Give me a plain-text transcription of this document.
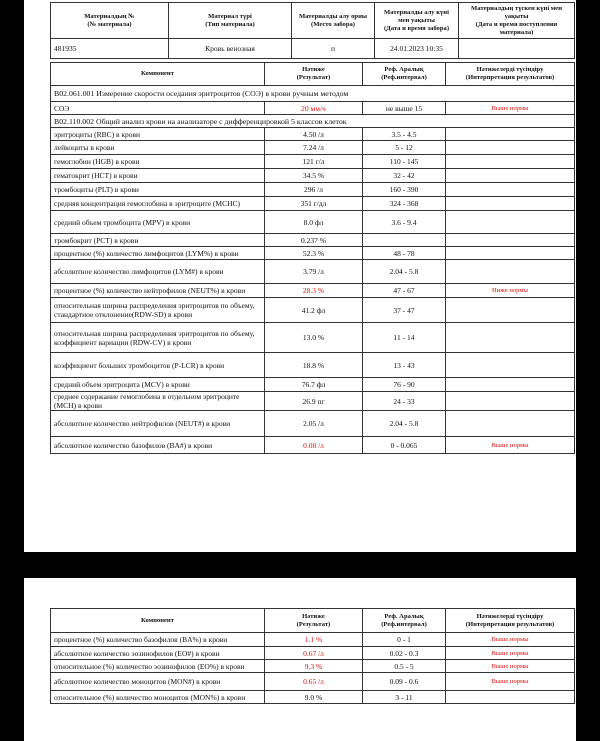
Материалдың №
(№ материала)	Материал түрі
(Тип материала)	Материалды алу орны
(Место забора)	Материалды алу күні мен уақыты
(Дата и время забора)	Материалдың түскен күні мен уақыты
(Дата и время поступления материала)
481935	Кровь венозная	п	24.01.2023 10:35	
Компонент	Нәтиже
(Результат)	Реф. Аралық
(Реф.интервал)	Нәтижелерді түсіндіру
(Интерпретация результатов)
B02.061.001 Измерение скорости оседания эритроцитов (СОЭ) в крови ручным методом			
СОЭ	20 мм/ч	не выше 15	Выше нормы
B02.110.002 Общий анализ крови на анализаторе с дифференцировкой 5 классов клеток			
эритроциты (RBC) в крови	4.50 /л	3.5 - 4.5	
лейкоциты в крови	7.24 /л	5 - 12	
гемоглобин (HGB) в крови	121 г/л	110 - 145	
гематокрит (HCT) в крови	34.5 %	32 - 42	
тромбоциты (PLT) в крови	296 /л	160 - 390	
средняя концентрация гемоглобина в эритроците (MCHC)	351 г/дл	324 - 368	
средний объем тромбоцита (MPV) в крови	8.0 фл	3.6 - 9.4	
тромбокрит (PCT) в крови	0.237 %		
процентное (%) количество лимфоцитов (LYM%) в крови	52.3 %	48 - 78	
абсолютное количество лимфоцитов (LYM#) в крови	3.79 /л	2.04 - 5.8	
процентное (%) количество нейтрофилов (NEUT%) в крови	28.3 %	47 - 67	Ниже нормы
относительная ширина распределения эритроцитов по объему, стандартное отклонение(RDW-SD) в крови	41.2 фл	37 - 47	
относительная ширина распределения эритроцитов по объему, коэффициент вариации (RDW-CV) в крови	13.0 %	11 - 14	
коэффициент больших тромбоцитов (P-LCR) в крови	18.8 %	13 - 43	
средний объем эритроцита (MCV) в крови	76.7 фл	76 - 90	
среднее содержание гемоглобина в отдельном эритроците (MCH) в крови	26.9 пг	24 - 33	
абсолютное количество нейтрофилов (NEUT#) в крови	2.05 /л	2.04 - 5.8	
абсолютное количество базофилов (BA#) в крови	0.08 /л	0 - 0.065	Выше нормы
Компонент	Нәтиже
(Результат)	Реф. Аралық
(Реф.интервал)	Нәтижелерді түсіндіру
(Интерпретация результатов)
процентное (%) количество базофилов (BA%) в крови	1.1 %	0 - 1	Выше нормы
абсолютное количество эозинофилов (EO#) в крови	0.67 /л	0.02 - 0.3	Выше нормы
относительное (%) количество эозинофилов (EO%) в крови	9.3 %	0.5 - 5	Выше нормы
абсолютное количество моноцитов (MON#) в крови	0.65 /л	0.09 - 0.6	Выше нормы
относительное (%) количество моноцитов (MON%) в крови	9.0 %	3 - 11	
